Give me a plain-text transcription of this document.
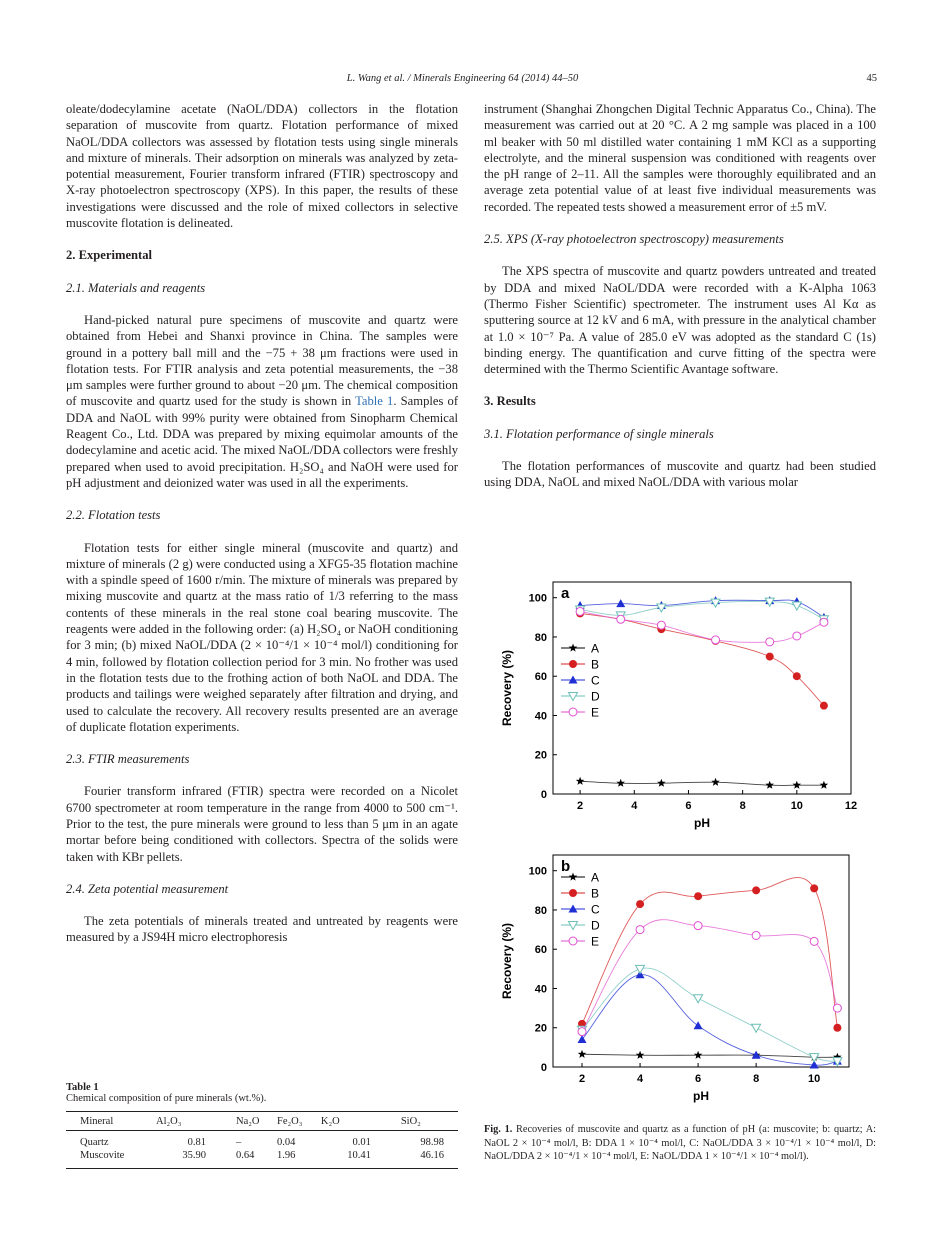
L. Wang et al. / Minerals Engineering 64 (2014) 44–50	45

oleate/dodecylamine acetate (NaOL/DDA) collectors in the flotation separation of muscovite from quartz. Flotation performance of mixed NaOL/DDA collectors was assessed by flotation tests using single minerals and mixture of minerals. Their adsorption on minerals was analyzed by zeta-potential measurement, Fourier transform infrared (FTIR) spectroscopy and X-ray photoelectron spectroscopy (XPS). In this paper, the results of these investigations were discussed and the role of mixed collectors in selective muscovite flotation is delineated.

2. Experimental
2.1. Materials and reagents

Hand-picked natural pure specimens of muscovite and quartz were obtained from Hebei and Shanxi province in China. The samples were ground in a pottery ball mill and the −75 + 38 μm fractions were used in flotation tests. For FTIR analysis and zeta potential measurements, the −38 μm samples were further ground to about −20 μm. The chemical composition of muscovite and quartz used for the study is shown in Table 1. Samples of DDA and NaOL with 99% purity were obtained from Sinopharm Chemical Reagent Co., Ltd. DDA was prepared by mixing equimolar amounts of the dodecylamine and acetic acid. The mixed NaOL/DDA collectors were freshly prepared when used to avoid precipitation. H₂SO₄ and NaOH were used for pH adjustment and deionized water was used in all the experiments.

2.2. Flotation tests

Flotation tests for either single mineral (muscovite and quartz) and mixture of minerals (2 g) were conducted using a XFG5-35 flotation machine with a spindle speed of 1600 r/min. The mixture of minerals was prepared by mixing muscovite and quartz at the mass ratio of 1/3 referring to the mass contents of these minerals in the real stone coal bearing muscovite. The reagents were added in the following order: (a) H₂SO₄ or NaOH conditioning for 3 min; (b) mixed NaOL/DDA (2 × 10⁻⁴/1 × 10⁻⁴ mol/l) conditioning for 4 min, followed by flotation collection period for 3 min. No frother was used in the flotation tests due to the frothing action of both NaOL and DDA. The products and tailings were weighed separately after filtration and drying, and used to calculate the recovery. All recovery results presented are an average of duplicate flotation experiments.

2.3. FTIR measurements

Fourier transform infrared (FTIR) spectra were recorded on a Nicolet 6700 spectrometer at room temperature in the range from 4000 to 500 cm⁻¹. Prior to the test, the pure minerals were ground to less than 5 μm in an agate mortar before being conditioned with collectors. Spectra of the solids were taken with KBr pellets.

2.4. Zeta potential measurement

The zeta potentials of minerals treated and untreated by reagents were measured by a JS94H micro electrophoresis

instrument (Shanghai Zhongchen Digital Technic Apparatus Co., China). The measurement was carried out at 20 °C. A 2 mg sample was placed in a 100 ml beaker with 50 ml distilled water containing 1 mM KCl as a supporting electrolyte, and the mineral suspension was conditioned with reagents over the pH range of 2–11. All the samples were thoroughly equilibrated and an average zeta potential value of at least five individual measurements was recorded. The repeated tests showed a measurement error of ±5 mV.

2.5. XPS (X-ray photoelectron spectroscopy) measurements

The XPS spectra of muscovite and quartz powders untreated and treated by DDA and mixed NaOL/DDA were recorded with a K-Alpha 1063 (Thermo Fisher Scientific) spectrometer. The instrument uses Al Kα as sputtering source at 12 kV and 6 mA, with pressure in the analytical chamber at 1.0 × 10⁻⁷ Pa. A value of 285.0 eV was adopted as the standard C (1s) binding energy. The quantification and curve fitting of the spectra were determined with the Thermo Scientific Avantage software.

3. Results
3.1. Flotation performance of single minerals

The flotation performances of muscovite and quartz had been studied using DDA, NaOL and mixed NaOL/DDA with various molar

0
20
40
60
80
100
2	4	6	8	10	12
pH
Recovery (%)
a
A
B
C
D
E

0
20
40
60
80
100
2	4	6	8	10
pH
Recovery (%)
b
A
B
C
D
E
Fig. 1. Recoveries of muscovite and quartz as a function of pH (a: muscovite; b: quartz; A: NaOL 2 × 10⁻⁴ mol/l, B: DDA 1 × 10⁻⁴ mol/l, C: NaOL/DDA 3 × 10⁻⁴/1 × 10⁻⁴ mol/l, D: NaOL/DDA 2 × 10⁻⁴/1 × 10⁻⁴ mol/l, E: NaOL/DDA 1 × 10⁻⁴/1 × 10⁻⁴ mol/l).
Table 1
Chemical composition of pure minerals (wt.%).
Mineral	Al₂O₃	Na₂O	Fe₂O₃	K₂O	SiO₂
Quartz	0.81	–	0.04	0.01	98.98
Muscovite	35.90	0.64	1.96	10.41	46.16
